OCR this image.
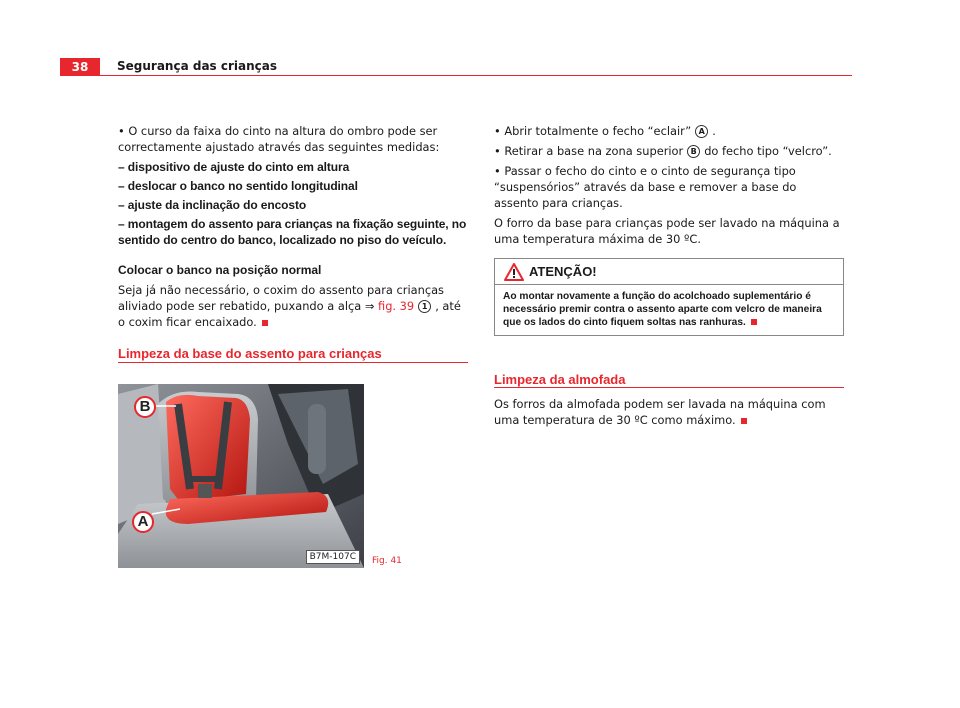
38	Segurança das crianças

• O curso da faixa do cinto na altura do ombro pode ser correctamente ajustado através das seguintes medidas:

– dispositivo de ajuste do cinto em altura

– deslocar o banco no sentido longitudinal

– ajuste da inclinação do encosto

– montagem do assento para crianças na fixação seguinte, no sentido do centro do banco, localizado no piso do veículo.

Colocar o banco na posição normal

Seja já não necessário, o coxim do assento para crianças aliviado pode ser rebatido, puxando a alça ⇒ fig. 39 1 , até o coxim ficar encaixado.

Limpeza da base do assento para crianças
B
A
B7M-107C	Fig. 41

• Abrir totalmente o fecho “eclair” A .

• Retirar a base na zona superior B do fecho tipo “velcro”.

• Passar o fecho do cinto e o cinto de segurança tipo “suspensórios” através da base e remover a base do assento para crianças.

O forro da base para crianças pode ser lavado na máquina a uma temperatura máxima de 30 ºC.

ATENÇÃO!
Ao montar novamente a função do acolchoado suplementário é necessário premir contra o assento aparte com velcro de maneira que os lados do cinto fiquem soltas nas ranhuras.
Limpeza da almofada
Os forros da almofada podem ser lavada na máquina com uma temperatura de 30 ºC como máximo.
